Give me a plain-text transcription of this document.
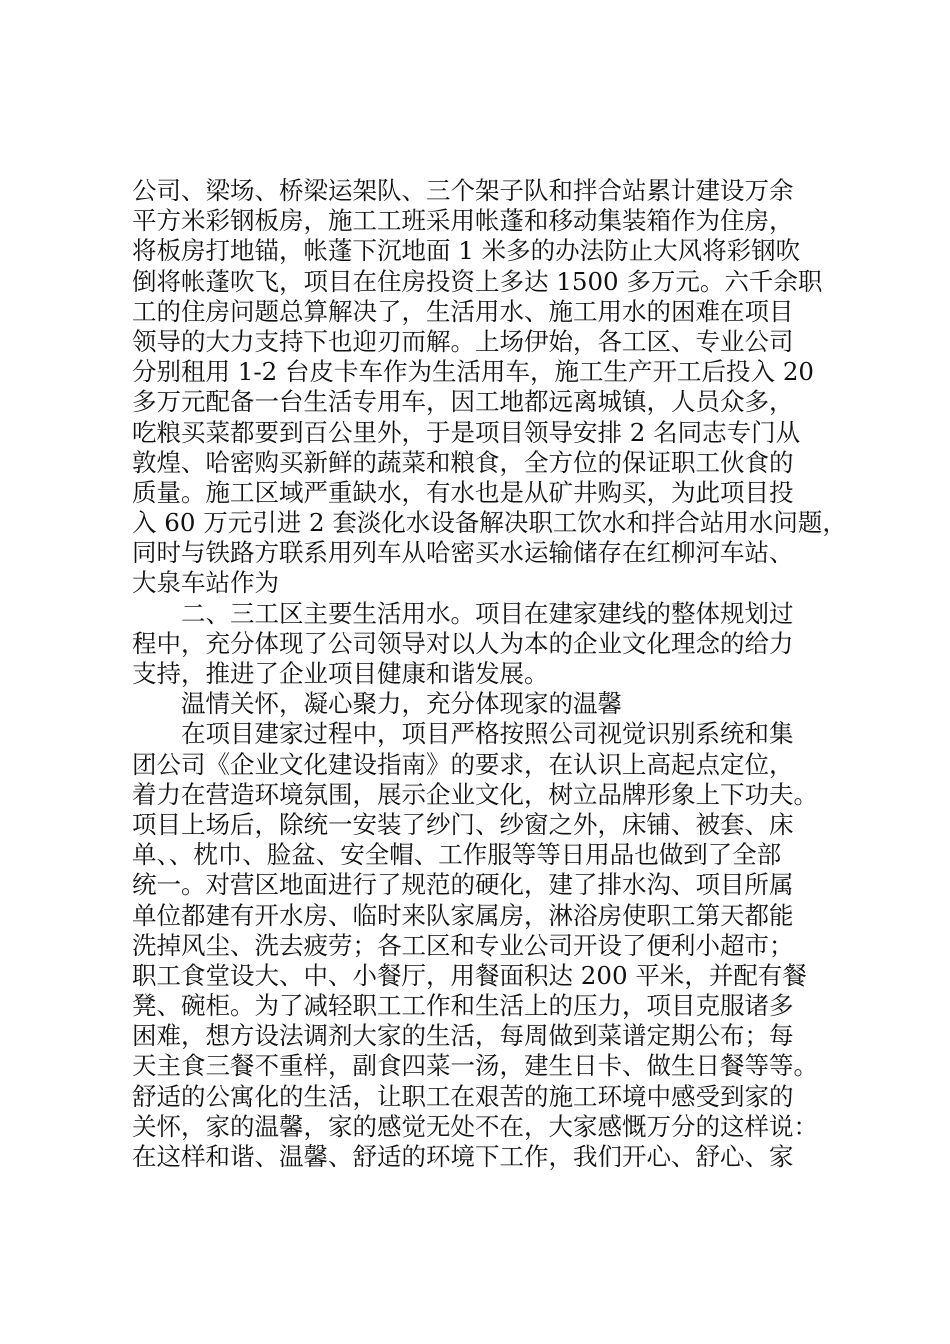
公司、梁场、桥梁运架队、三个架子队和拌合站累计建设万余
平方米彩钢板房，施工工班采用帐蓬和移动集装箱作为住房，
将板房打地锚，帐蓬下沉地面 1 米多的办法防止大风将彩钢吹
倒将帐蓬吹飞，项目在住房投资上多达 1500 多万元。六千余职
工的住房问题总算解决了，生活用水、施工用水的困难在项目
领导的大力支持下也迎刃而解。上场伊始，各工区、专业公司
分别租用 1-2 台皮卡车作为生活用车，施工生产开工后投入 20
多万元配备一台生活专用车，因工地都远离城镇，人员众多，
吃粮买菜都要到百公里外，于是项目领导安排 2 名同志专门从
敦煌、哈密购买新鲜的蔬菜和粮食，全方位的保证职工伙食的
质量。施工区域严重缺水，有水也是从矿井购买，为此项目投
入 60 万元引进 2 套淡化水设备解决职工饮水和拌合站用水问题，
同时与铁路方联系用列车从哈密买水运输储存在红柳河车站、
大泉车站作为
二、三工区主要生活用水。项目在建家建线的整体规划过
程中，充分体现了公司领导对以人为本的企业文化理念的给力
支持，推进了企业项目健康和谐发展。
温情关怀，凝心聚力，充分体现家的温馨
在项目建家过程中，项目严格按照公司视觉识别系统和集
团公司《企业文化建设指南》的要求，在认识上高起点定位，
着力在营造环境氛围，展示企业文化，树立品牌形象上下功夫。
项目上场后，除统一安装了纱门、纱窗之外，床铺、被套、床
单、、枕巾、脸盆、安全帽、工作服等等日用品也做到了全部
统一。对营区地面进行了规范的硬化，建了排水沟、项目所属
单位都建有开水房、临时来队家属房，淋浴房使职工第天都能
洗掉风尘、洗去疲劳；各工区和专业公司开设了便利小超市；
职工食堂设大、中、小餐厅，用餐面积达 200 平米，并配有餐
凳、碗柜。为了减轻职工工作和生活上的压力，项目克服诸多
困难，想方设法调剂大家的生活，每周做到菜谱定期公布；每
天主食三餐不重样，副食四菜一汤，建生日卡、做生日餐等等。
舒适的公寓化的生活，让职工在艰苦的施工环境中感受到家的
关怀，家的温馨，家的感觉无处不在，大家感慨万分的这样说：
在这样和谐、温馨、舒适的环境下工作，我们开心、舒心、家
